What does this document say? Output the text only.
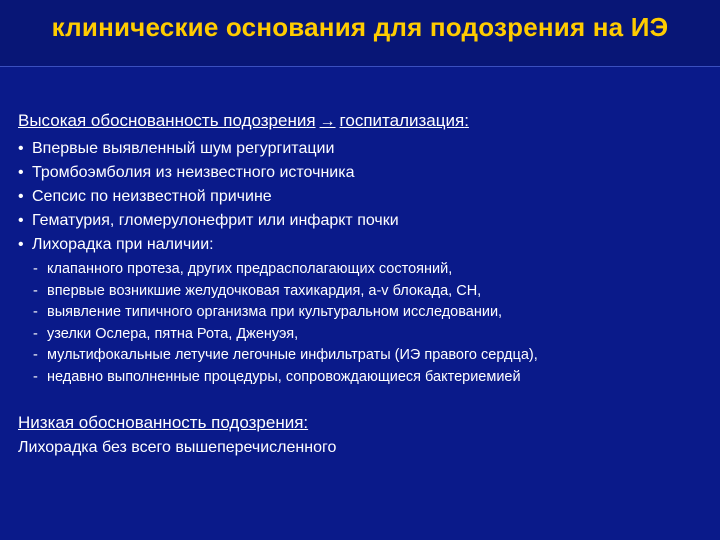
клинические основания для подозрения на ИЭ
Высокая обоснованность подозрения → госпитализация:
• Впервые выявленный шум регургитации
• Тромбоэмболия из неизвестного источника
• Сепсис по неизвестной причине
• Гематурия, гломерулонефрит или инфаркт почки
• Лихорадка при наличии:
- клапанного протеза, других предрасполагающих состояний,
- впервые возникшие желудочковая тахикардия, a-v блокада, СН,
- выявление типичного организма при культуральном исследовании,
- узелки Ослера, пятна Рота, Дженуэя,
- мультифокальные летучие легочные инфильтраты (ИЭ правого сердца),
- недавно выполненные процедуры, сопровождающиеся бактериемией
Низкая обоснованность подозрения:
Лихорадка без всего вышеперечисленного
